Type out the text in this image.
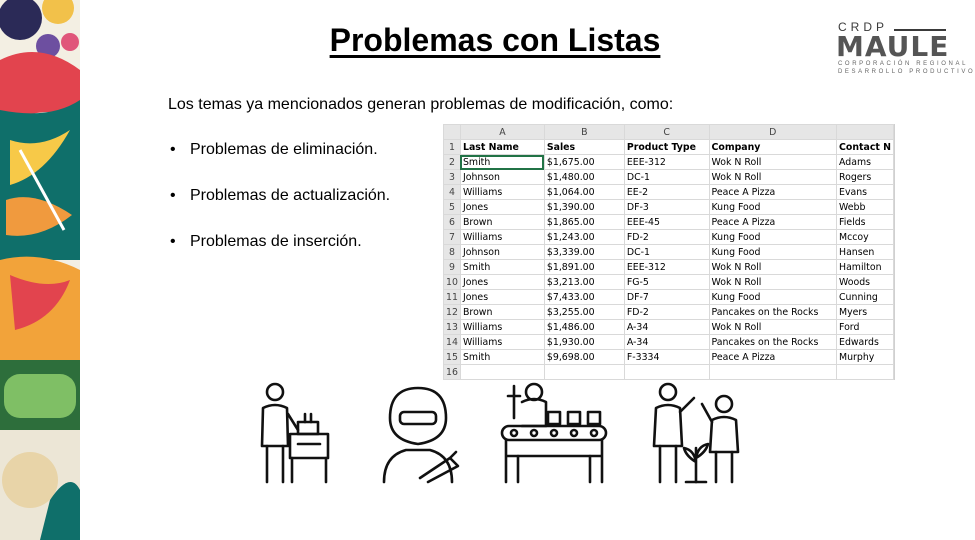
Problemas con Listas	CRDP
MAULE
CORPORACIÓN REGIONAL
DESARROLLO PRODUCTIVO

Los temas ya mencionados generan problemas de modificación, como:

• Problemas de eliminación.
• Problemas de actualización.
• Problemas de inserción.
	A	B	C	D	
1	Last Name	Sales	Product Type	Company	Contact N
2	Smith	$1,675.00	EEE-312	Wok N Roll	Adams
3	Johnson	$1,480.00	DC-1	Wok N Roll	Rogers
4	Williams	$1,064.00	EE-2	Peace A Pizza	Evans
5	Jones	$1,390.00	DF-3	Kung Food	Webb
6	Brown	$1,865.00	EEE-45	Peace A Pizza	Fields
7	Williams	$1,243.00	FD-2	Kung Food	Mccoy
8	Johnson	$3,339.00	DC-1	Kung Food	Hansen
9	Smith	$1,891.00	EEE-312	Wok N Roll	Hamilton
10	Jones	$3,213.00	FG-5	Wok N Roll	Woods
11	Jones	$7,433.00	DF-7	Kung Food	Cunning
12	Brown	$3,255.00	FD-2	Pancakes on the Rocks	Myers
13	Williams	$1,486.00	A-34	Wok N Roll	Ford
14	Williams	$1,930.00	A-34	Pancakes on the Rocks	Edwards
15	Smith	$9,698.00	F-3334	Peace A Pizza	Murphy
16					
